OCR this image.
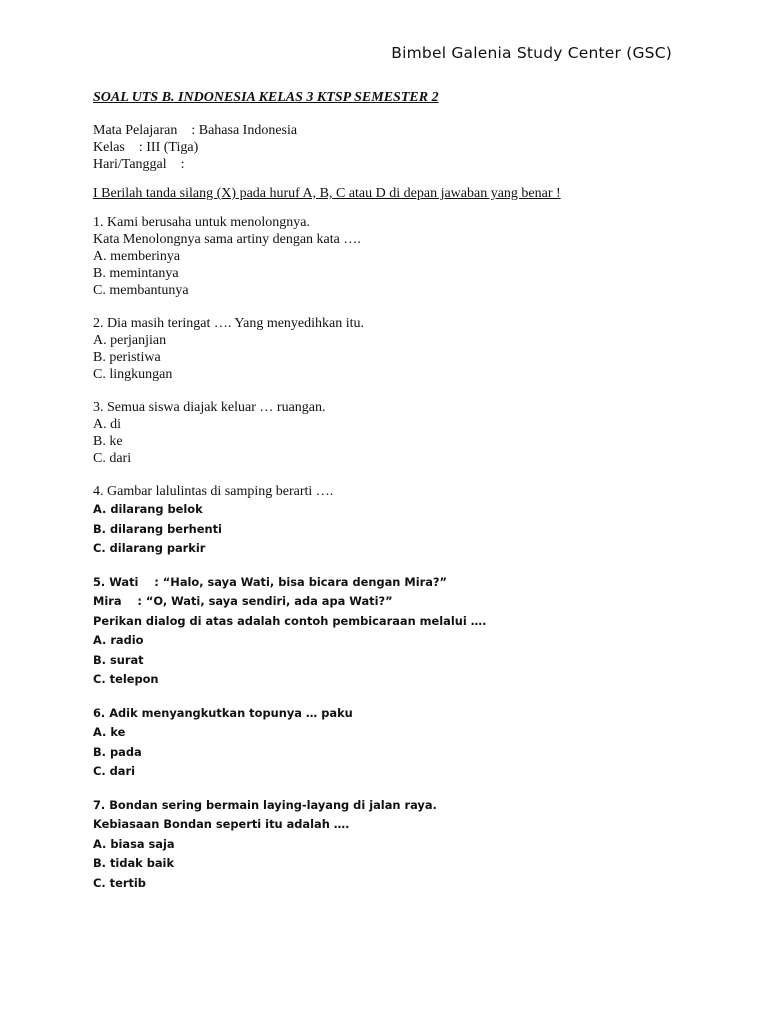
Bimbel Galenia Study Center (GSC)
SOAL UTS B. INDONESIA KELAS 3 KTSP SEMESTER 2
Mata Pelajaran    : Bahasa Indonesia
Kelas    : III (Tiga)
Hari/Tanggal    :
I Berilah tanda silang (X) pada huruf A, B, C atau D di depan jawaban yang benar !
1. Kami berusaha untuk menolongnya.
Kata Menolongnya sama artiny dengan kata ….
A. memberinya
B. memintanya
C. membantunya
2. Dia masih teringat …. Yang menyedihkan itu.
A. perjanjian
B. peristiwa
C. lingkungan
3. Semua siswa diajak keluar … ruangan.
A. di
B. ke
C. dari
4. Gambar lalulintas di samping berarti ….
A. dilarang belok
B. dilarang berhenti
C. dilarang parkir
5. Wati    : “Halo, saya Wati, bisa bicara dengan Mira?”
Mira    : “O, Wati, saya sendiri, ada apa Wati?”
Perikan dialog di atas adalah contoh pembicaraan melalui ….
A. radio
B. surat
C. telepon
6. Adik menyangkutkan topunya … paku
A. ke
B. pada
C. dari
7. Bondan sering bermain laying-layang di jalan raya.
Kebiasaan Bondan seperti itu adalah ….
A. biasa saja
B. tidak baik
C. tertib
